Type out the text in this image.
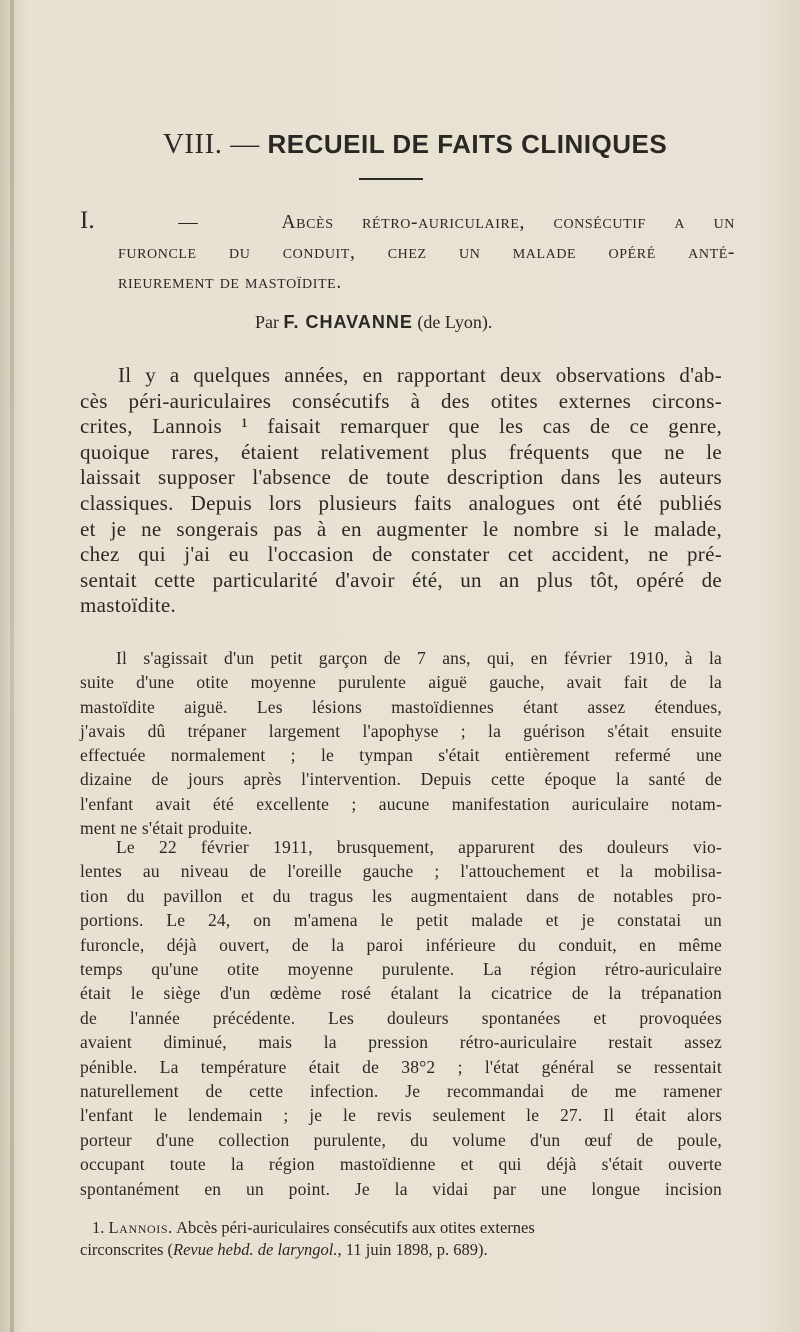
VIII. — RECUEIL DE FAITS CLINIQUES
I.	—	Abcès rétro-auriculaire, consécutif a un
furoncle du conduit, chez un malade opéré anté-
rieurement de mastoïdite.
Par F. CHAVANNE (de Lyon).
Il y a quelques années, en rapportant deux observations d'ab-
cès péri-auriculaires consécutifs à des otites externes circons-
crites, Lannois ¹ faisait remarquer que les cas de ce genre,
quoique rares, étaient relativement plus fréquents que ne le
laissait supposer l'absence de toute description dans les auteurs
classiques. Depuis lors plusieurs faits analogues ont été publiés
et je ne songerais pas à en augmenter le nombre si le malade,
chez qui j'ai eu l'occasion de constater cet accident, ne pré-
sentait cette particularité d'avoir été, un an plus tôt, opéré de
mastoïdite.
Il s'agissait d'un petit garçon de 7 ans, qui, en février 1910, à la
suite d'une otite moyenne purulente aiguë gauche, avait fait de la
mastoïdite aiguë. Les lésions mastoïdiennes étant assez étendues,
j'avais dû trépaner largement l'apophyse ; la guérison s'était ensuite
effectuée normalement ; le tympan s'était entièrement refermé une
dizaine de jours après l'intervention. Depuis cette époque la santé de
l'enfant avait été excellente ; aucune manifestation auriculaire notam-
ment ne s'était produite.
Le 22 février 1911, brusquement, apparurent des douleurs vio-
lentes au niveau de l'oreille gauche ; l'attouchement et la mobilisa-
tion du pavillon et du tragus les augmentaient dans de notables pro-
portions. Le 24, on m'amena le petit malade et je constatai un
furoncle, déjà ouvert, de la paroi inférieure du conduit, en même
temps qu'une otite moyenne purulente. La région rétro-auriculaire
était le siège d'un œdème rosé étalant la cicatrice de la trépanation
de l'année précédente. Les douleurs spontanées et provoquées
avaient diminué, mais la pression rétro-auriculaire restait assez
pénible. La température était de 38°2 ; l'état général se ressentait
naturellement de cette infection. Je recommandai de me ramener
l'enfant le lendemain ; je le revis seulement le 27. Il était alors
porteur d'une collection purulente, du volume d'un œuf de poule,
occupant toute la région mastoïdienne et qui déjà s'était ouverte
spontanément en un point. Je la vidai par une longue incision
1. Lannois. Abcès péri-auriculaires consécutifs aux otites externes
circonscrites (Revue hebd. de laryngol., 11 juin 1898, p. 689).
